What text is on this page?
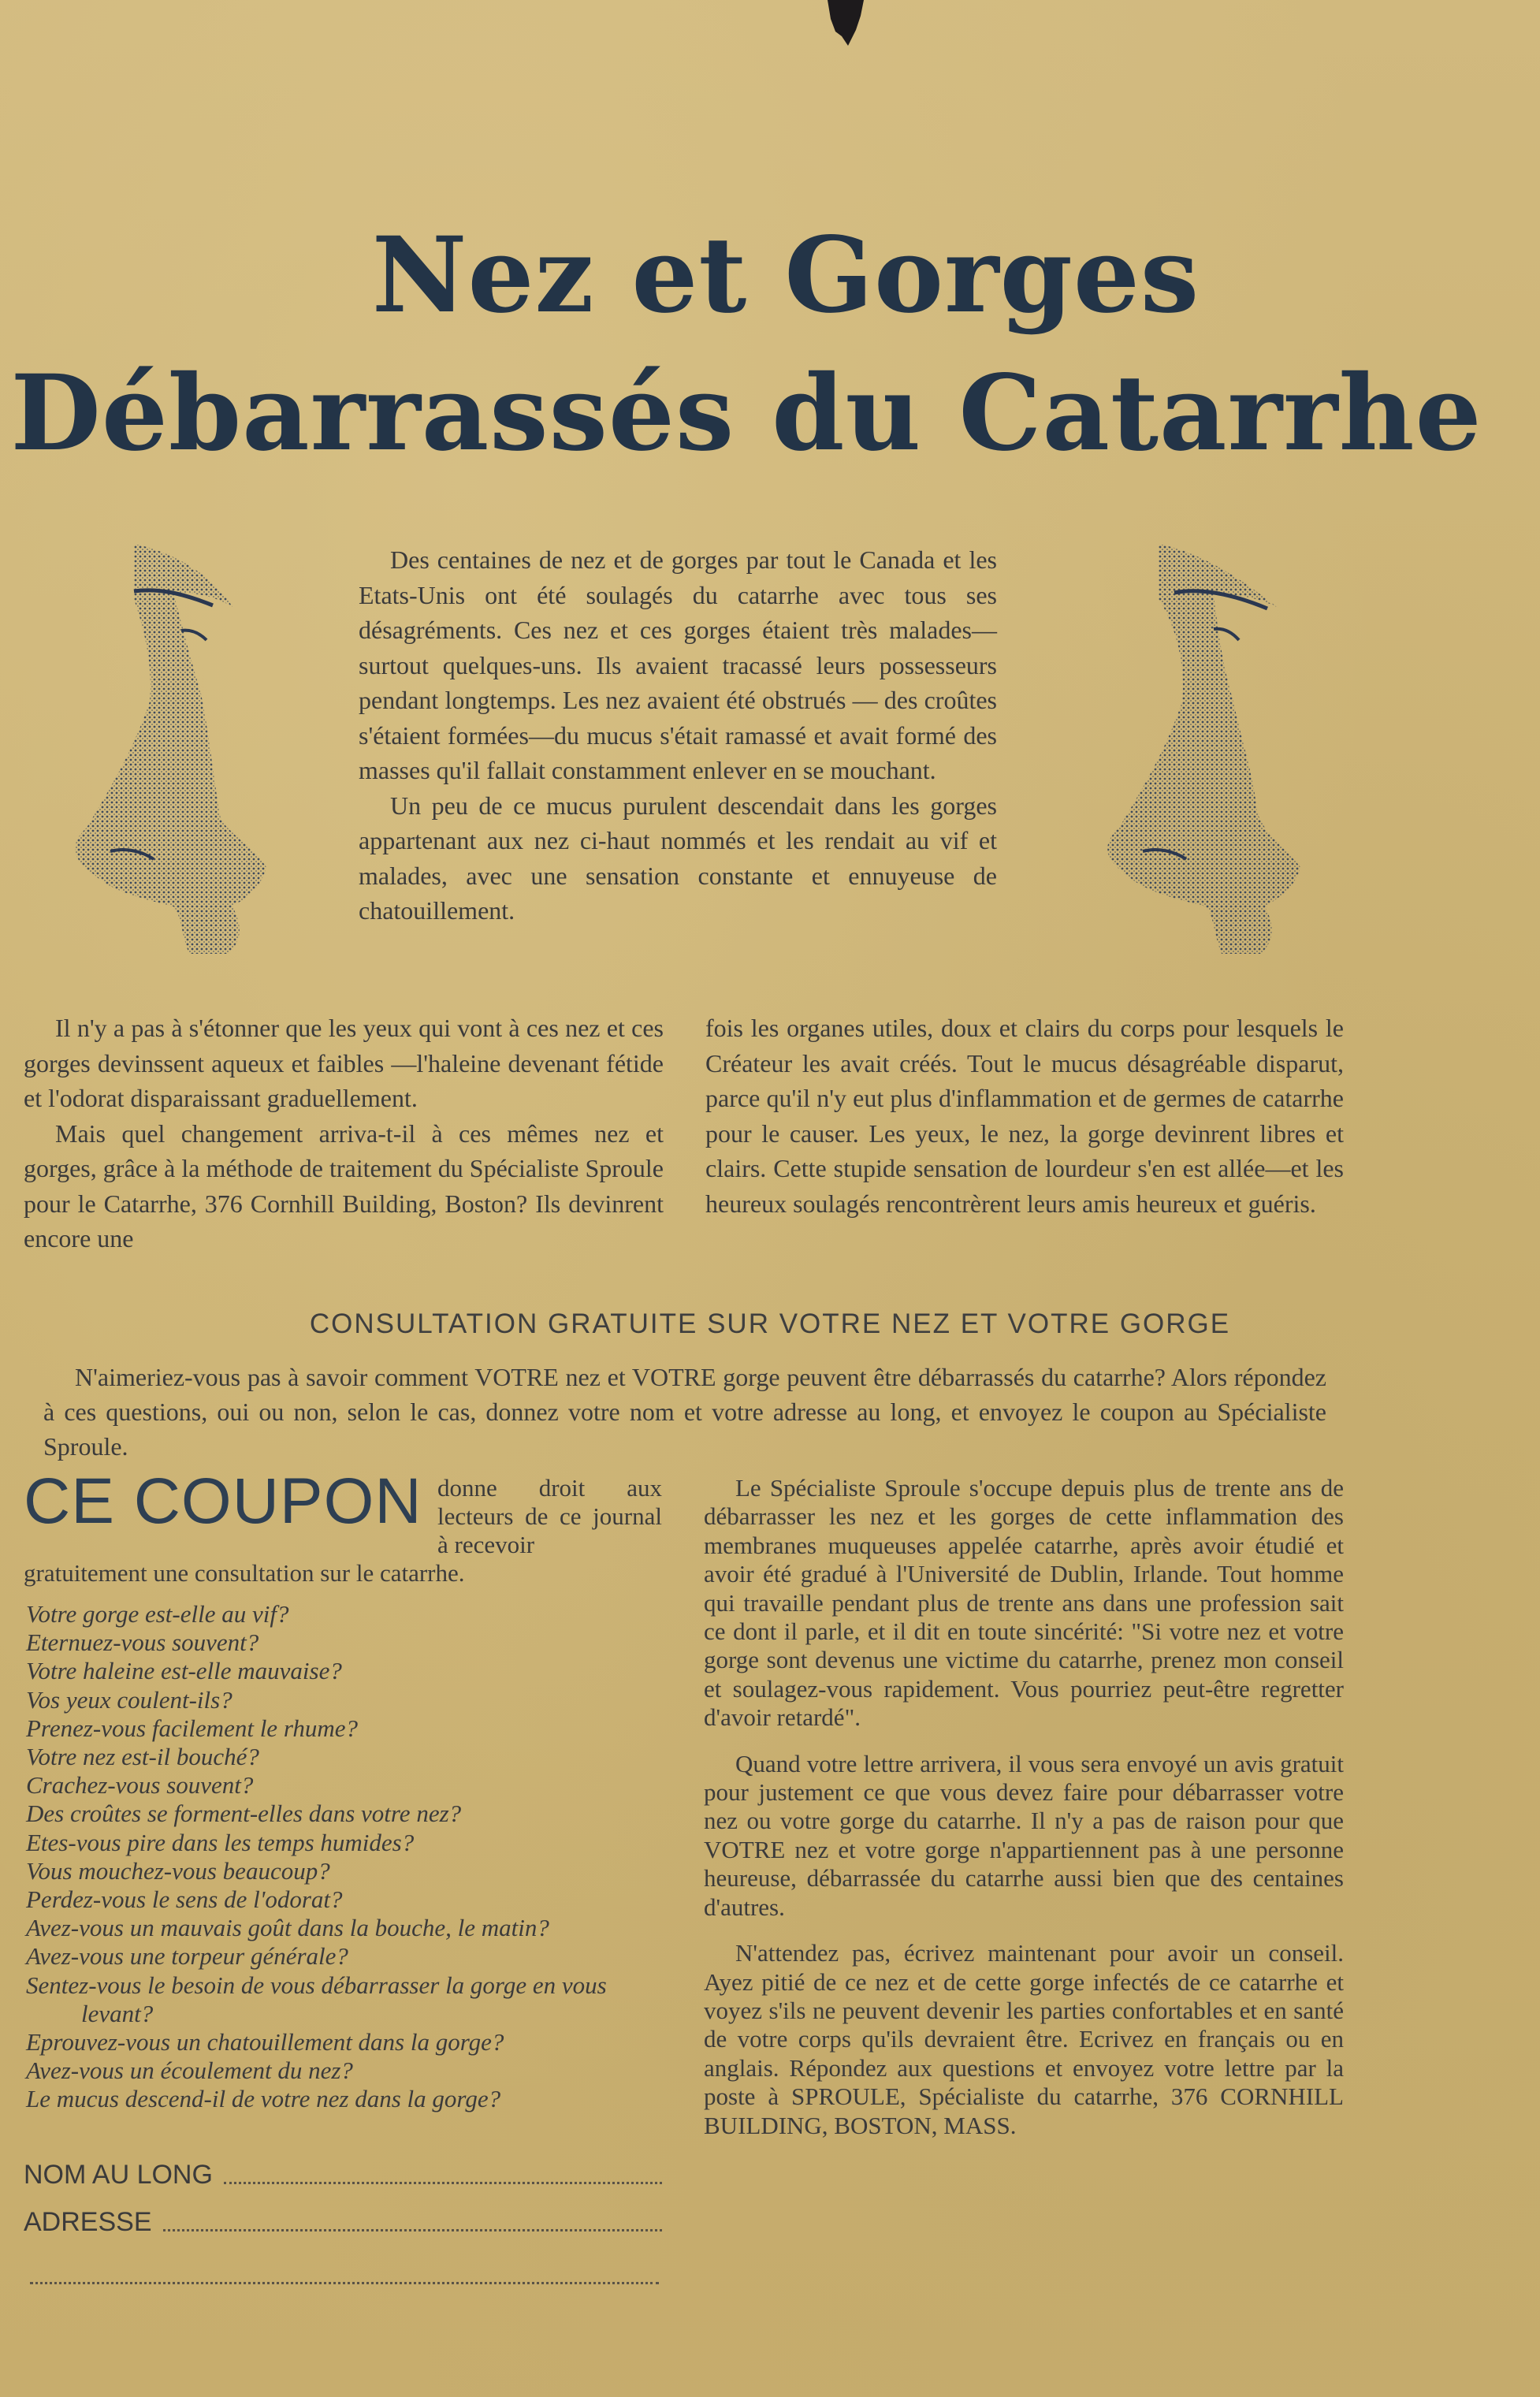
Nez et Gorges
Débarrassés du Catarrhe

Des centaines de nez et de gorges par tout le Canada et les Etats-Unis ont été soulagés du catarrhe avec tous ses désagréments. Ces nez et ces gorges étaient très malades—surtout quelques-uns. Ils avaient tracassé leurs possesseurs pendant longtemps. Les nez avaient été obstrués — des croûtes s'étaient formées—du mucus s'était ramassé et avait formé des masses qu'il fallait constamment enlever en se mouchant.

Un peu de ce mucus purulent descendait dans les gorges appartenant aux nez ci-haut nommés et les rendait au vif et malades, avec une sensation constante et ennuyeuse de chatouillement.

Il n'y a pas à s'étonner que les yeux qui vont à ces nez et ces gorges devinssent aqueux et faibles —l'haleine devenant fétide et l'odorat disparaissant graduellement.

Mais quel changement arriva-t-il à ces mêmes nez et gorges, grâce à la méthode de traitement du Spécialiste Sproule pour le Catarrhe, 376 Cornhill Building, Boston? Ils devinrent encore une

fois les organes utiles, doux et clairs du corps pour lesquels le Créateur les avait créés. Tout le mucus désagréable disparut, parce qu'il n'y eut plus d'inflammation et de germes de catarrhe pour le causer. Les yeux, le nez, la gorge devinrent libres et clairs. Cette stupide sensation de lourdeur s'en est allée—et les heureux soulagés rencontrèrent leurs amis heureux et guéris.

CONSULTATION GRATUITE SUR VOTRE NEZ ET VOTRE GORGE

N'aimeriez-vous pas à savoir comment VOTRE nez et VOTRE gorge peuvent être débarrassés du catarrhe? Alors répondez à ces questions, oui ou non, selon le cas, donnez votre nom et votre adresse au long, et envoyez le coupon au Spécialiste Sproule.

CE COUPON donne droit aux lecteurs de ce journal à recevoir
gratuitement une consultation sur le catarrhe.
Votre gorge est-elle au vif?
Eternuez-vous souvent?
Votre haleine est-elle mauvaise?
Vos yeux coulent-ils?
Prenez-vous facilement le rhume?
Votre nez est-il bouché?
Crachez-vous souvent?
Des croûtes se forment-elles dans votre nez?
Etes-vous pire dans les temps humides?
Vous mouchez-vous beaucoup?
Perdez-vous le sens de l'odorat?
Avez-vous un mauvais goût dans la bouche, le matin?
Avez-vous une torpeur générale?
Sentez-vous le besoin de vous débarrasser la gorge en vous levant?
Eprouvez-vous un chatouillement dans la gorge?
Avez-vous un écoulement du nez?
Le mucus descend-il de votre nez dans la gorge?
NOM AU LONG
ADRESSE

Le Spécialiste Sproule s'occupe depuis plus de trente ans de débarrasser les nez et les gorges de cette inflammation des membranes muqueuses appelée catarrhe, après avoir étudié et avoir été gradué à l'Université de Dublin, Irlande. Tout homme qui travaille pendant plus de trente ans dans une profession sait ce dont il parle, et il dit en toute sincérité: "Si votre nez et votre gorge sont devenus une victime du catarrhe, prenez mon conseil et soulagez-vous rapidement. Vous pourriez peut-être regretter d'avoir retardé".

Quand votre lettre arrivera, il vous sera envoyé un avis gratuit pour justement ce que vous devez faire pour débarrasser votre nez ou votre gorge du catarrhe. Il n'y a pas de raison pour que VOTRE nez et votre gorge n'appartiennent pas à une personne heureuse, débarrassée du catarrhe aussi bien que des centaines d'autres.

N'attendez pas, écrivez maintenant pour avoir un conseil. Ayez pitié de ce nez et de cette gorge infectés de ce catarrhe et voyez s'ils ne peuvent devenir les parties confortables et en santé de votre corps qu'ils devraient être. Ecrivez en français ou en anglais. Répondez aux questions et envoyez votre lettre par la poste à SPROULE, Spécialiste du catarrhe, 376 CORNHILL BUILDING, BOSTON, MASS.
